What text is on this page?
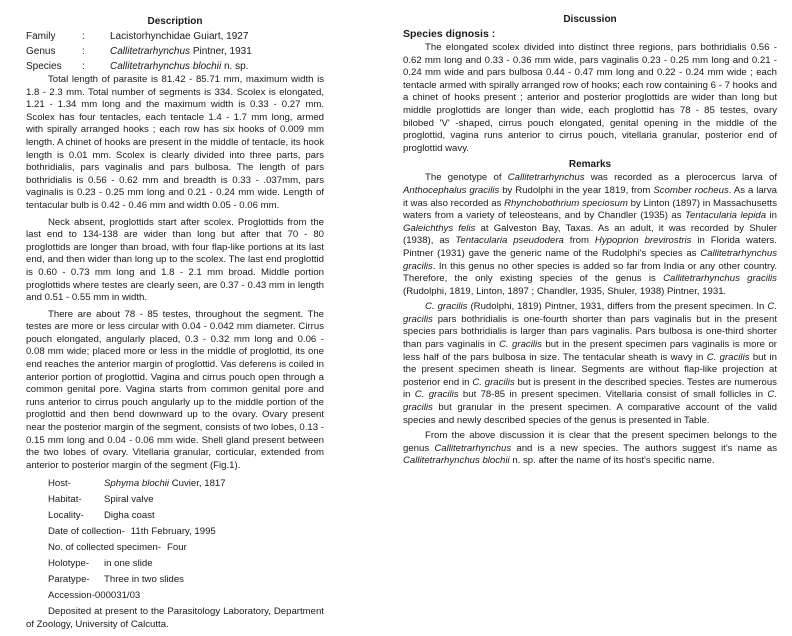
Description
Family	:	Lacistorhynchidae Guiart, 1927
Genus	:	Callitetrarhynchus Pintner, 1931
Species	:	Callitetrarhynchus blochii n. sp.

Total length of parasite is 81.42 - 85.71 mm, maximum width is 1.8 - 2.3 mm. Total number of segments is 334. Scolex is elongated, 1.21 - 1.34 mm long and the maximum width is 0.33 - 0.27 mm. Scolex has four tentacles, each tentacle 1.4 - 1.7 mm long, armed with spirally arranged hooks ; each row has six hooks of 0.009 mm length. A chinet of hooks are present in the middle of tentacle, its hook length is 0.01 mm. Scolex is clearly divided into three parts, pars bothridialis, pars vaginalis and pars bulbosa. The length of pars bothridialis is 0.56 - 0.62 mm and breadth is 0.33 - .037mm, pars vaginalis is 0.23 - 0.25 mm long and 0.21 - 0.24 mm wide. Length of tentacular bulb is 0.42 - 0.46 mm and width 0.05 - 0.06 mm.

Neck absent, proglottids start after scolex. Proglottids from the last end to 134-138 are wider than long but after that 70 - 80 proglottids are longer than broad, with four flap-like portions at its last end, and then wider than long up to the scolex. The last end proglottid is 0.60 - 0.73 mm long and 1.8 - 2.1 mm broad. Middle portion proglottids where testes are clearly seen, are 0.37 - 0.43 mm in length and 0.51 - 0.55 mm in width.

There are about 78 - 85 testes, throughout the segment. The testes are more or less circular with 0.04 - 0.042 mm diameter. Cirrus pouch elongated, angularly placed, 0.3 - 0.32 mm long and 0.06 - 0.08 mm wide; placed more or less in the middle of proglottid, its one end reaches the anterior margin of proglottid. Vas deferens is coiled in anterior portion of proglottid. Vagina and cirrus pouch open through a common genital pore. Vagina starts from common genital pore and runs anterior to cirrus pouch angularly up to the middle portion of the proglottid and then bend downward up to the ovary. Ovary present near the posterior margin of the segment, consists of two lobes, 0.13 - 0.15 mm long and 0.04 - 0.06 mm wide. Shell gland present between the two lobes of ovary. Vitellaria granular, corticular, extended from anterior to posterior margin of the segment (Fig.1).

Host-	Sphyma blochii Cuvier, 1817
Habitat- Spiral valve
Locality- Digha coast
Date of collection- 11th February, 1995
No. of collected specimen- Four
Holotype- in one slide
Paratype- Three in two slides
Accession-000031/03

Deposited at present to the Parasitology Laboratory, Department of Zoology, University of Calcutta.

Discussion
Species dignosis :

The elongated scolex divided into distinct three regions, pars bothridialis 0.56 - 0.62 mm long and 0.33 - 0.36 mm wide, pars vaginalis 0.23 - 0.25 mm long and 0.21 - 0.24 mm wide and pars bulbosa 0.44 - 0.47 mm long and 0.22 - 0.24 mm wide ; each tentacle armed with spirally arranged row of hooks; each row containing 6 - 7 hooks and a chinet of hooks present ; anterior and posterior proglottids are wider than long but middle proglottids are longer than wide, each proglottid has 78 - 85 testes, ovary bilobed 'V' -shaped, cirrus pouch elongated, genital opening in the middle of the proglottid, vagina runs anterior to cirrus pouch, vitellaria granular, posterior end of proglottid wavy.

Remarks

The genotype of Callitetrarhynchus was recorded as a plerocercus larva of Anthocephalus gracilis by Rudolphi in the year 1819, from Scomber rocheus. As a larva it was also recorded as Rhynchobothrium speciosum by Linton (1897) in Massachusetts waters from a variety of teleosteans, and by Chandler (1935) as Tentacularia lepida in Galeichthys felis at Galveston Bay, Taxas. As an adult, it was recorded by Shuler (1938), as Tentacularia pseudodera from Hypoprion brevirostris in Florida waters. Pintner (1931) gave the generic name of the Rudolphi's species as Callitetrarhynchus gracilis. In this genus no other species is added so far from India or any other country. Therefore, the only existing species of the genus is Callitetrarhynchus gracilis (Rudolphi, 1819, Linton, 1897 ; Chandler, 1935, Shuler, 1938) Pintner, 1931.

C. gracilis (Rudolphi, 1819) Pintner, 1931, differs from the present specimen. In C. gracilis pars bothridialis is one-fourth shorter than pars vaginalis but in the present species pars bothridialis is larger than pars vaginalis. Pars bulbosa is one-third shorter than pars vaginalis in C. gracilis but in the present specimen pars vaginalis is more or less half of the pars bulbosa in size. The tentacular sheath is wavy in C. gracilis but in the present specimen sheath is linear. Segments are without flap-like projection at posterior end in C. gracilis but is present in the described species. Testes are numerous in C. gracilis but 78-85 in present specimen. Vitellaria consist of small follicles in C. gracilis but granular in the present specimen. A comparative account of the valid species and newly described species of the genus is presented in Table.

From the above discussion it is clear that the present specimen belongs to the genus Callitetrarhynchus and is a new species. The authors suggest it's name as Callitetrarhynchus blochii n. sp. after the name of its host's specific name.
